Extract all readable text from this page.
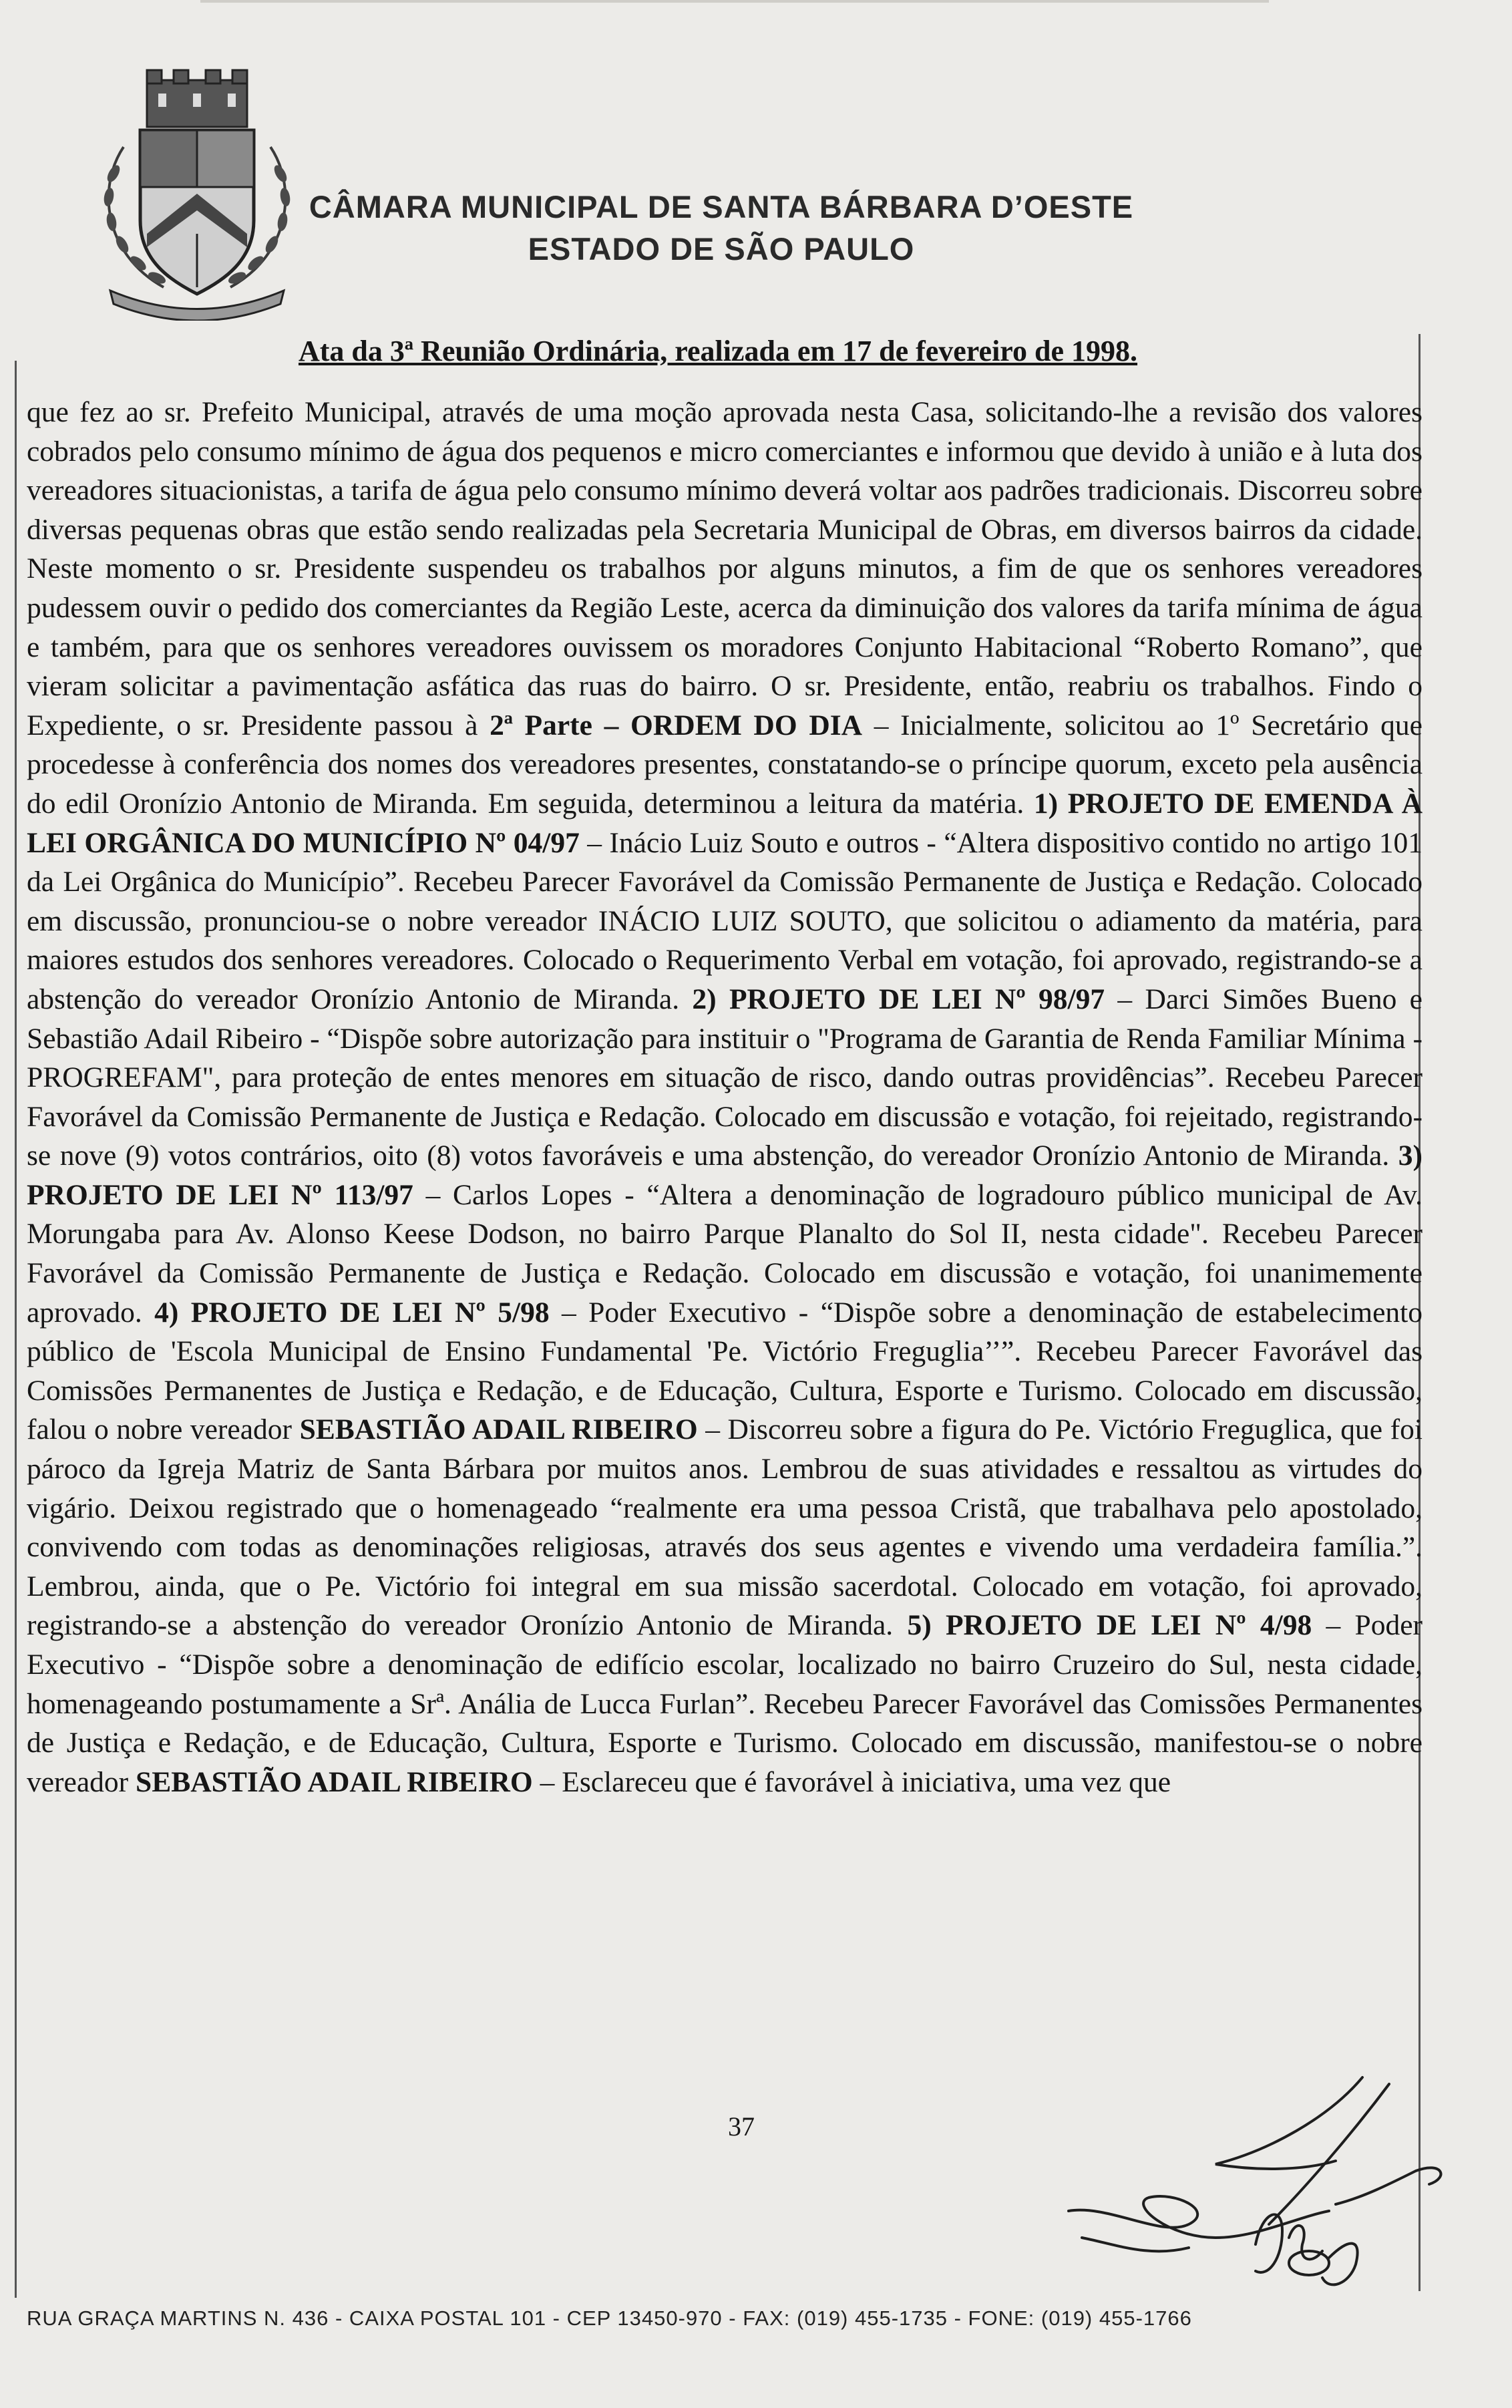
CÂMARA MUNICIPAL DE SANTA BÁRBARA D’OESTE
ESTADO DE SÃO PAULO
Ata da 3ª Reunião Ordinária, realizada em 17 de fevereiro de 1998.

que fez ao sr. Prefeito Municipal, através de uma moção aprovada nesta Casa, solicitando-lhe a revisão dos valores cobrados pelo consumo mínimo de água dos pequenos e micro comerciantes e informou que devido à união e à luta dos vereadores situacionistas, a tarifa de água pelo consumo mínimo deverá voltar aos padrões tradicionais. Discorreu sobre diversas pequenas obras que estão sendo realizadas pela Secretaria Municipal de Obras, em diversos bairros da cidade. Neste momento o sr. Presidente suspendeu os trabalhos por alguns minutos, a fim de que os senhores vereadores pudessem ouvir o pedido dos comerciantes da Região Leste, acerca da diminuição dos valores da tarifa mínima de água e também, para que os senhores vereadores ouvissem os moradores Conjunto Habitacional “Roberto Romano”, que vieram solicitar a pavimentação asfática das ruas do bairro. O sr. Presidente, então, reabriu os trabalhos. Findo o Expediente, o sr. Presidente passou à 2ª Parte – ORDEM DO DIA – Inicialmente, solicitou ao 1º Secretário que procedesse à conferência dos nomes dos vereadores presentes, constatando-se o príncipe quorum, exceto pela ausência do edil Oronízio Antonio de Miranda. Em seguida, determinou a leitura da matéria. 1) PROJETO DE EMENDA À LEI ORGÂNICA DO MUNICÍPIO Nº 04/97 – Inácio Luiz Souto e outros - “Altera dispositivo contido no artigo 101 da Lei Orgânica do Município”. Recebeu Parecer Favorável da Comissão Permanente de Justiça e Redação. Colocado em discussão, pronunciou-se o nobre vereador INÁCIO LUIZ SOUTO, que solicitou o adiamento da matéria, para maiores estudos dos senhores vereadores. Colocado o Requerimento Verbal em votação, foi aprovado, registrando-se a abstenção do vereador Oronízio Antonio de Miranda. 2) PROJETO DE LEI Nº 98/97 – Darci Simões Bueno e Sebastião Adail Ribeiro - “Dispõe sobre autorização para instituir o "Programa de Garantia de Renda Familiar Mínima - PROGREFAM", para proteção de entes menores em situação de risco, dando outras providências”. Recebeu Parecer Favorável da Comissão Permanente de Justiça e Redação. Colocado em discussão e votação, foi rejeitado, registrando-se nove (9) votos contrários, oito (8) votos favoráveis e uma abstenção, do vereador Oronízio Antonio de Miranda. 3) PROJETO DE LEI Nº 113/97 – Carlos Lopes - “Altera a denominação de logradouro público municipal de Av. Morungaba para Av. Alonso Keese Dodson, no bairro Parque Planalto do Sol II, nesta cidade". Recebeu Parecer Favorável da Comissão Permanente de Justiça e Redação. Colocado em discussão e votação, foi unanimemente aprovado. 4) PROJETO DE LEI Nº 5/98 – Poder Executivo - “Dispõe sobre a denominação de estabelecimento público de 'Escola Municipal de Ensino Fundamental 'Pe. Victório Freguglia’’”. Recebeu Parecer Favorável das Comissões Permanentes de Justiça e Redação, e de Educação, Cultura, Esporte e Turismo. Colocado em discussão, falou o nobre vereador SEBASTIÃO ADAIL RIBEIRO – Discorreu sobre a figura do Pe. Victório Freguglica, que foi pároco da Igreja Matriz de Santa Bárbara por muitos anos. Lembrou de suas atividades e ressaltou as virtudes do vigário. Deixou registrado que o homenageado “realmente era uma pessoa Cristã, que trabalhava pelo apostolado, convivendo com todas as denominações religiosas, através dos seus agentes e vivendo uma verdadeira família.”. Lembrou, ainda, que o Pe. Victório foi integral em sua missão sacerdotal. Colocado em votação, foi aprovado, registrando-se a abstenção do vereador Oronízio Antonio de Miranda. 5) PROJETO DE LEI Nº 4/98 – Poder Executivo - “Dispõe sobre a denominação de edifício escolar, localizado no bairro Cruzeiro do Sul, nesta cidade, homenageando postumamente a Srª. Anália de Lucca Furlan”. Recebeu Parecer Favorável das Comissões Permanentes de Justiça e Redação, e de Educação, Cultura, Esporte e Turismo. Colocado em discussão, manifestou-se o nobre vereador SEBASTIÃO ADAIL RIBEIRO – Esclareceu que é favorável à iniciativa, uma vez que

37
RUA GRAÇA MARTINS N. 436 - CAIXA POSTAL 101 - CEP 13450-970 - FAX: (019) 455-1735 - FONE: (019) 455-1766
